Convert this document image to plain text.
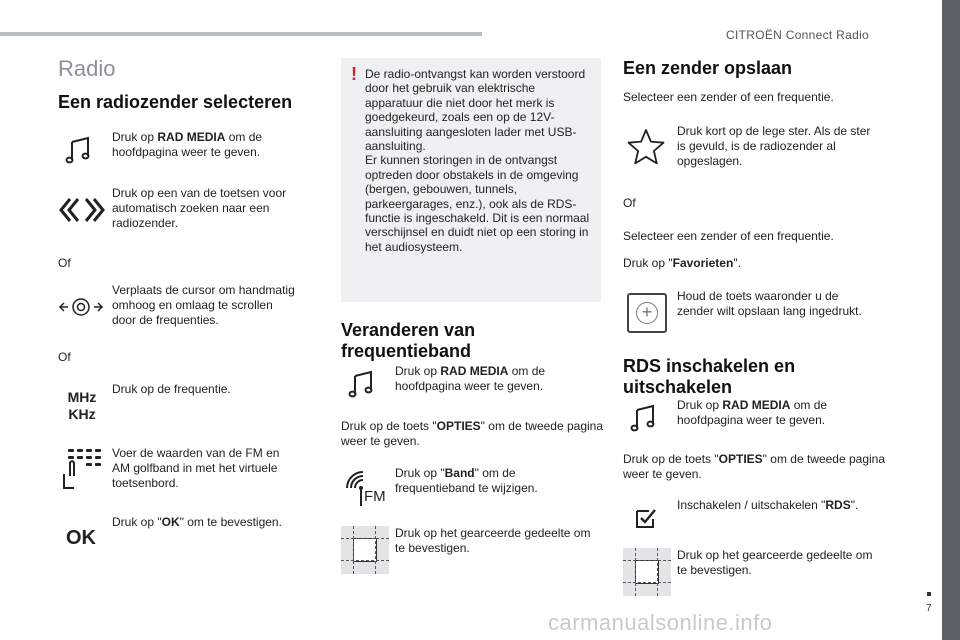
CITROËN Connect Radio
7
carmanualsonline.info
Radio
Een radiozender selecteren
Druk op RAD MEDIA om de hoofdpagina weer te geven.
Druk op een van de toetsen voor automatisch zoeken naar een radiozender.
Of
Verplaats de cursor om handmatig omhoog en omlaag te scrollen door de frequenties.
Of
MHz
KHz
Druk op de frequentie.
Voer de waarden van de FM en AM golfband in met het virtuele toetsenbord.
OK
Druk op "OK" om te bevestigen.
! De radio-ontvangst kan worden verstoord door het gebruik van elektrische apparatuur die niet door het merk is goedgekeurd, zoals een op de 12V-aansluiting aangesloten lader met USB-aansluiting.
Er kunnen storingen in de ontvangst optreden door obstakels in de omgeving (bergen, gebouwen, tunnels, parkeergarages, enz.), ook als de RDS-functie is ingeschakeld. Dit is een normaal verschijnsel en duidt niet op een storing in het audiosysteem.
Veranderen van frequentieband
Druk op RAD MEDIA om de hoofdpagina weer te geven.
Druk op de toets "OPTIES" om de tweede pagina weer te geven.
FM
Druk op "Band" om de frequentieband te wijzigen.
Druk op het gearceerde gedeelte om te bevestigen.
Een zender opslaan
Selecteer een zender of een frequentie.
Druk kort op de lege ster. Als de ster is gevuld, is de radiozender al opgeslagen.
Of
Selecteer een zender of een frequentie.
Druk op "Favorieten".
+
Houd de toets waaronder u de zender wilt opslaan lang ingedrukt.
RDS inschakelen en uitschakelen
Druk op RAD MEDIA om de hoofdpagina weer te geven.
Druk op de toets "OPTIES" om de tweede pagina weer te geven.
Inschakelen / uitschakelen "RDS".
Druk op het gearceerde gedeelte om te bevestigen.
